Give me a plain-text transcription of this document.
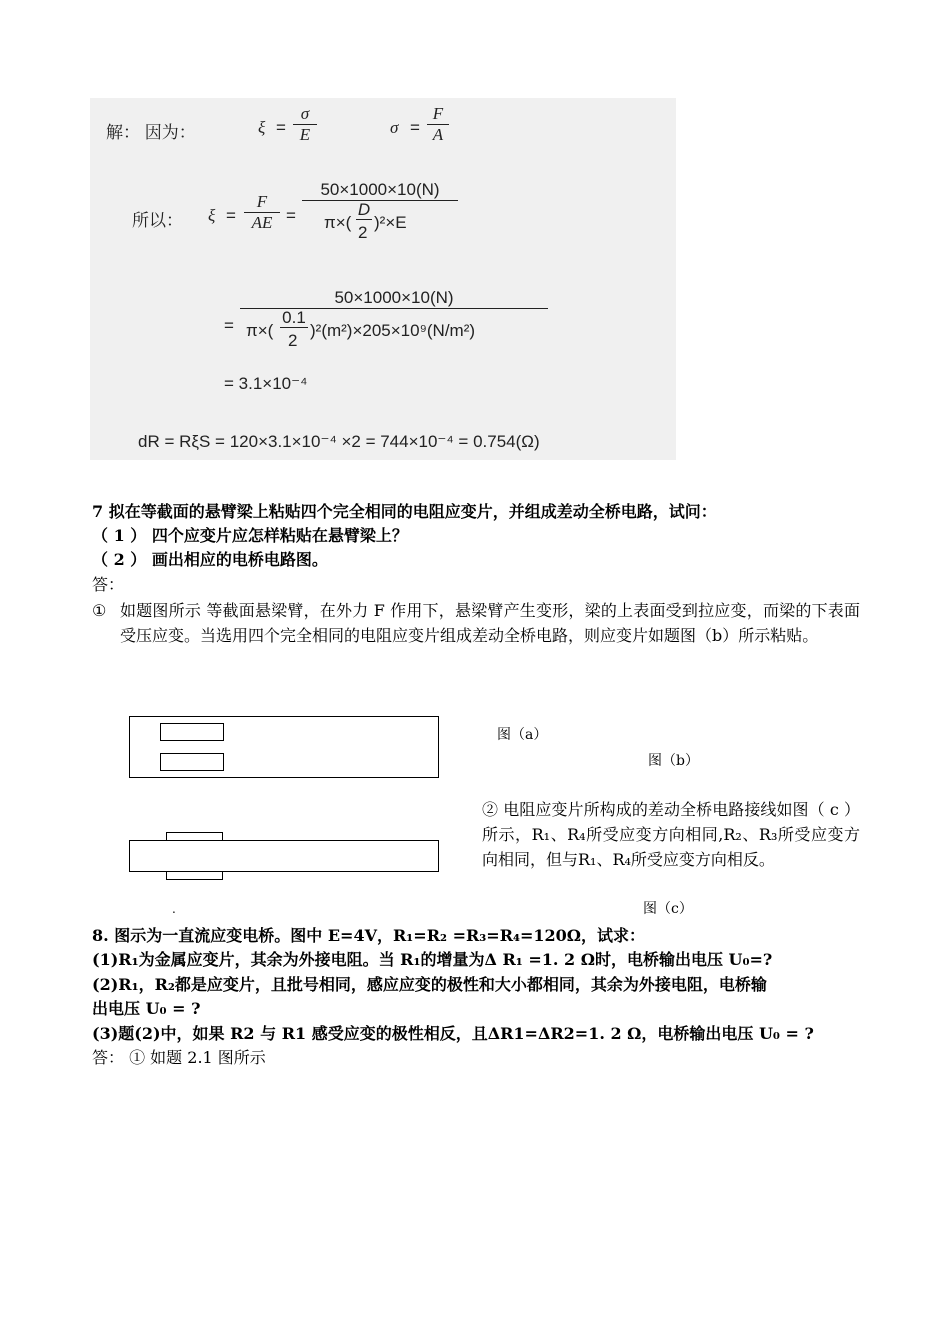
解： 因为：	ξ =
σ
E	σ =
F
A
所以： ξ =
F
AE =
50×1000×10(N)
π×(
D
2
)²×E
=
50×1000×10(N)
π×(
0.1
2
)²(m²)×205×10⁹(N/m²)
= 3.1×10⁻⁴
dR = RξS = 120×3.1×10⁻⁴ ×2 = 744×10⁻⁴ = 0.754(Ω)
7 拟在等截面的悬臂梁上粘贴四个完全相同的电阻应变片，并组成差动全桥电路，试问：
（ 1 ） 四个应变片应怎样粘贴在悬臂梁上？
（ 2 ） 画出相应的电桥电路图。
答：
① 如题图所示 等截面悬梁臂，在外力 F 作用下，悬梁臂产生变形，梁的上表面受到拉应变，而梁的下表面受压应变。当选用四个完全相同的电阻应变片组成差动全桥电路，则应变片如题图（b）所示粘贴。
图（a）
图（b）
.
② 电阻应变片所构成的差动全桥电路接线如图（ c ）所示，R₁、R₄所受应变方向相同,R₂、R₃所受应变方向相同，但与R₁、R₄所受应变方向相反。
图（c）
8. 图示为一直流应变电桥。图中 E=4V，R₁=R₂ =R₃=R₄=120Ω，试求：
(1)R₁为金属应变片，其余为外接电阻。当 R₁的增量为Δ R₁ =1. 2 Ω时，电桥输出电压 U₀=?
(2)R₁，R₂都是应变片，且批号相同，感应应变的极性和大小都相同，其余为外接电阻，电桥输
出电压 U₀ = ?
(3)题(2)中，如果 R2 与 R1 感受应变的极性相反，且ΔR1=ΔR2=1. 2 Ω，电桥输出电压 U₀ = ?
答： ① 如题 2.1 图所示
